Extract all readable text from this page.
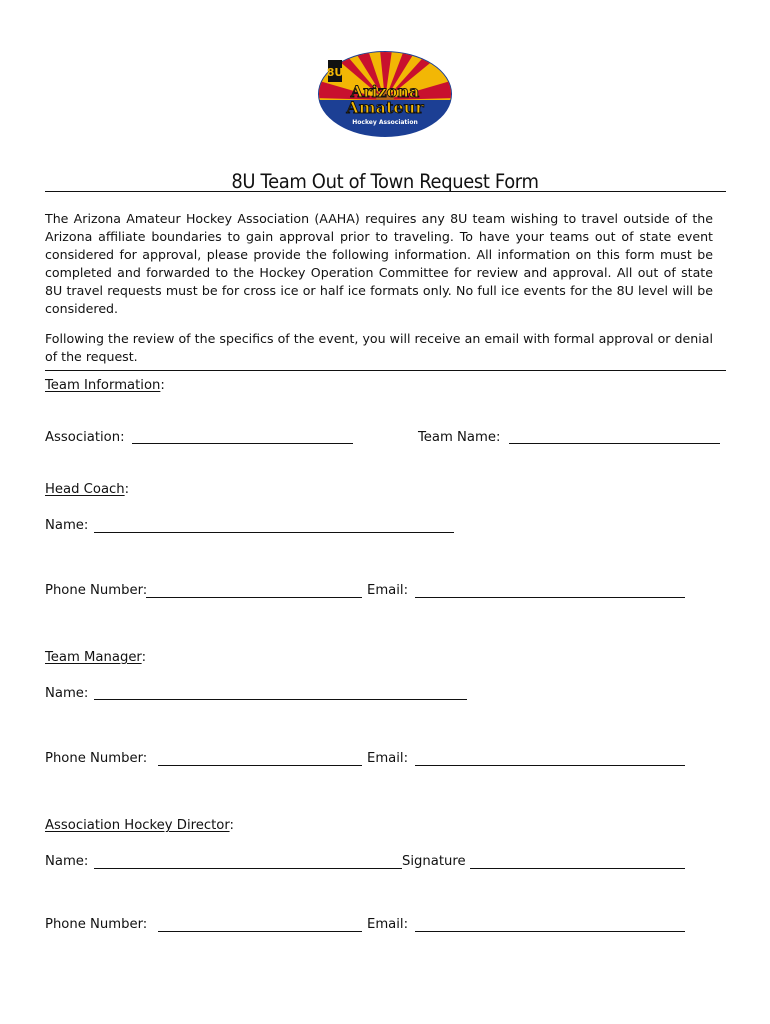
8U
Arizona
Amateur
Hockey Association
8U Team Out of Town Request Form

The Arizona Amateur Hockey Association (AAHA) requires any 8U team wishing to travel outside of the Arizona affiliate boundaries to gain approval prior to traveling. To have your teams out of state event considered for approval, please provide the following information. All information on this form must be completed and forwarded to the Hockey Operation Committee for review and approval. All out of state 8U travel requests must be for cross ice or half ice formats only. No full ice events for the 8U level will be considered.

Following the review of the specifics of the event, you will receive an email with formal approval or denial of the request.

Team Information:
Association:	Team Name:
Head Coach:
Name:
Phone Number:	Email:
Team Manager:
Name:
Phone Number:	Email:
Association Hockey Director:
Name:	Signature
Phone Number:	Email:
